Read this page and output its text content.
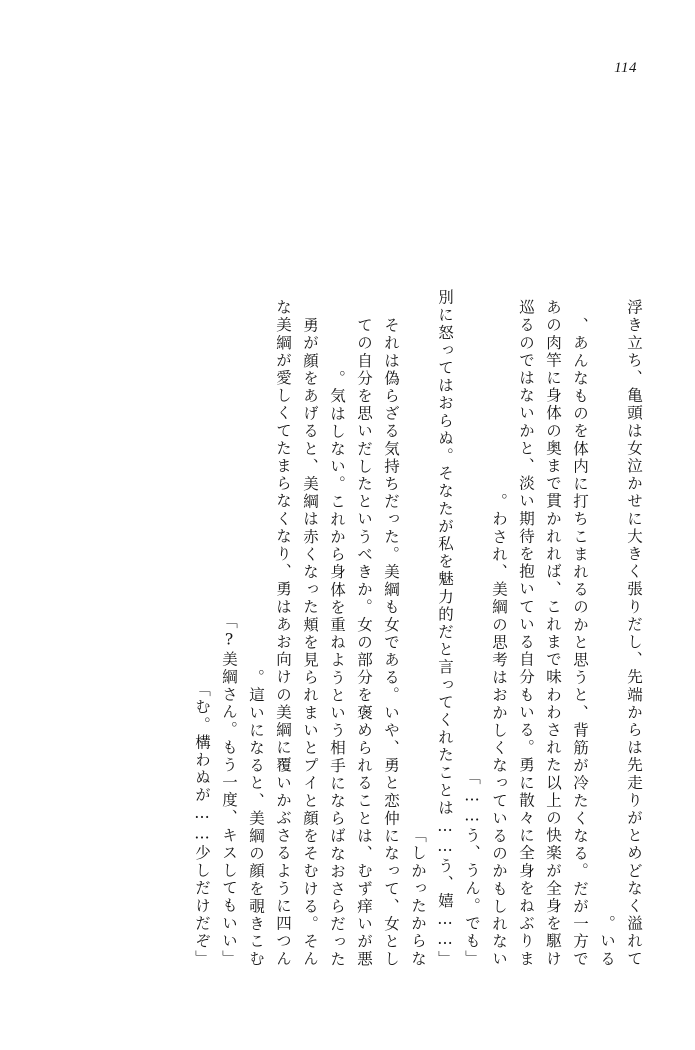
114
浮き立ち、亀頭は女泣かせに大きく張りだし、先端からは先走りがとめどなく溢れて
いる。
あんなものを体内に打ちこまれるのかと思うと、背筋が冷たくなる。だが一方で、
あの肉竿に身体の奥まで貫かれれば、これまで味わわされた以上の快楽が全身を駆け
巡るのではないかと、淡い期待を抱いている自分もいる。勇に散々に全身をねぶりま
わされ、美綱の思考はおかしくなっているのかもしれない。
「う、うん。でも……」
「……別に怒ってはおらぬ。そなたが私を魅力的だと言ってくれたことは……う、嬉
しかったからな」
それは偽らざる気持ちだった。美綱も女である。いや、勇と恋仲になって、女とし
ての自分を思いだしたというべきか。女の部分を褒められることは、むず痒いが悪
気はしない。これから身体を重ねようという相手にならばなおさらだった。
勇が顔をあげると、美綱は赤くなった頬を見られまいとプイと顔をそむける。そん
な美綱が愛しくてたまらなくなり、勇はあお向けの美綱に覆いかぶさるように四つん
這いになると、美綱の顔を覗きこむ。
「美綱さん。もう一度、キスしてもいい?」
「む。構わぬが……少しだけだぞ」
